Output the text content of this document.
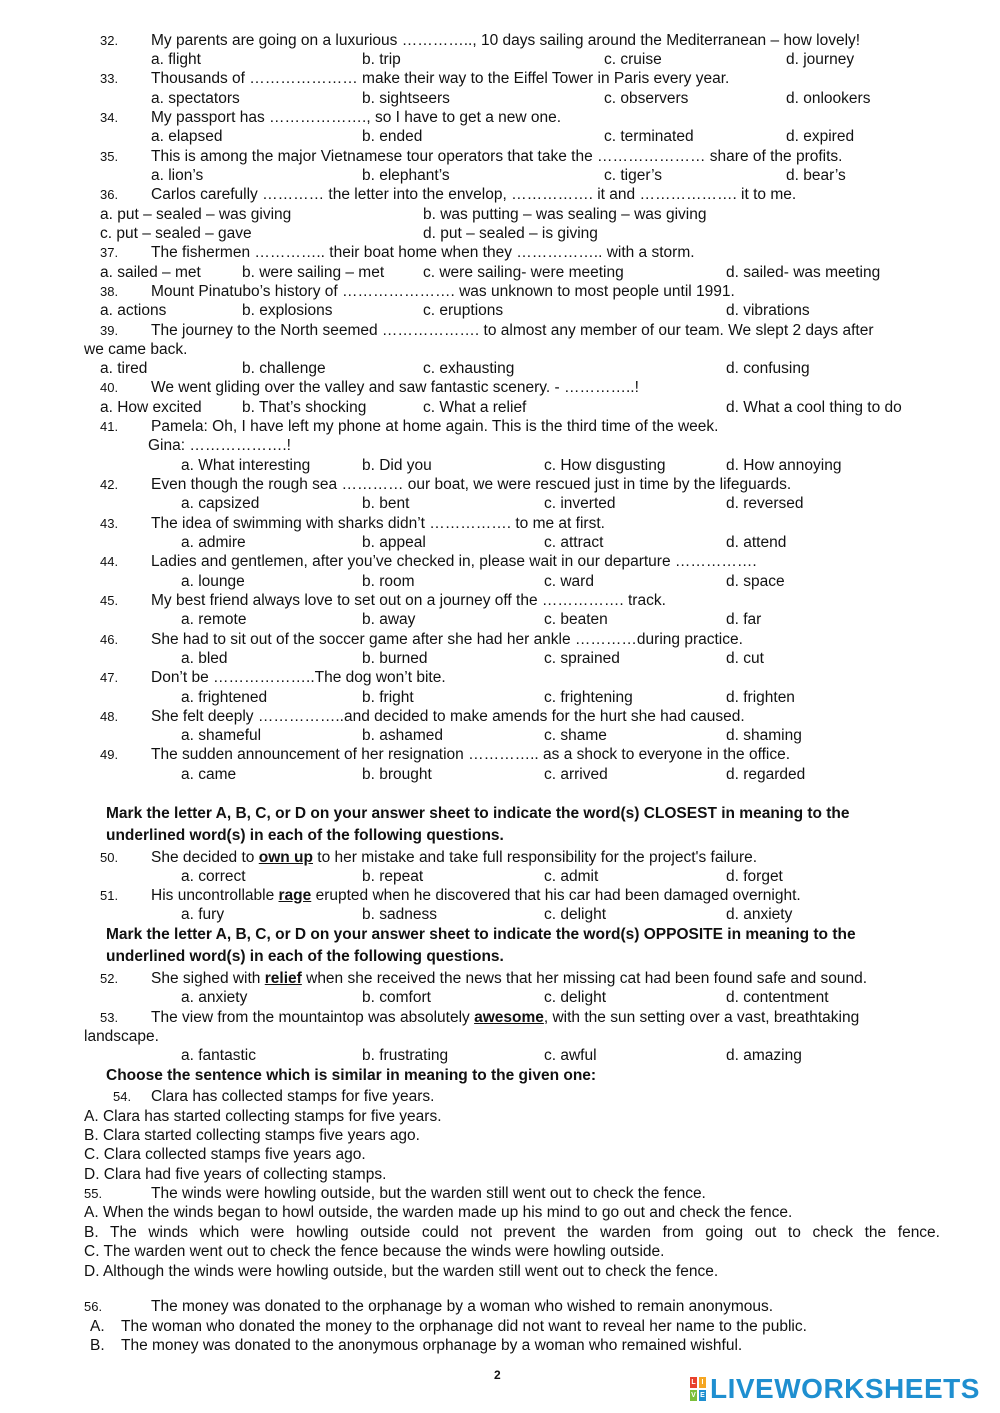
32. My parents are going on a luxurious ………….., 10 days sailing around the Mediterranean – how lovely!
a. flight	b. trip	c. cruise	d. journey
33. Thousands of ………………… make their way to the Eiffel Tower in Paris every year.
a. spectators	b. sightseers	c. observers	d. onlookers
34. My passport has ………………., so I have to get a new one.
a. elapsed	b. ended	c. terminated	d. expired
35. This is among the major Vietnamese tour operators that take the ………………… share of the profits.
a. lion’s	b. elephant’s	c. tiger’s	d. bear’s
36. Carlos carefully ………… the letter into the envelop, ……………. it and ………………. it to me.
a. put – sealed – was giving	b. was putting – was sealing – was giving
c. put – sealed – gave	d. put – sealed – is giving
37. The fishermen ………….. their boat home when they …………….. with a storm.
a. sailed – met	b. were sailing – met	c. were sailing- were meeting	d. sailed- was meeting
38. Mount Pinatubo’s history of …………………. was unknown to most people until 1991.
a. actions	b. explosions	c. eruptions	d. vibrations
39. The journey to the North seemed ………………. to almost any member of our team. We slept 2 days after
we came back.
a. tired	b. challenge	c. exhausting	d. confusing
40. We went gliding over the valley and saw fantastic scenery. - …………..!
a. How excited	b. That’s shocking	c. What a relief	d. What a cool thing to do
41. Pamela: Oh, I have left my phone at home again. This is the third time of the week.
Gina: ……………….!
a. What interesting	b. Did you	c. How disgusting	d. How annoying
42. Even though the rough sea ………… our boat, we were rescued just in time by the lifeguards.
a. capsized	b. bent	c. inverted	d. reversed
43. The idea of swimming with sharks didn’t ……………. to me at first.
a. admire	b. appeal	c. attract	d. attend
44. Ladies and gentlemen, after you’ve checked in, please wait in our departure …………….
a. lounge	b. room	c. ward	d. space
45. My best friend always love to set out on a journey off the ……………. track.
a. remote	b. away	c. beaten	d. far
46. She had to sit out of the soccer game after she had her ankle …………during practice.
a. bled	b. burned	c. sprained	d. cut
47. Don’t be ………………..The dog won’t bite.
a. frightened	b. fright	c. frightening	d. frighten
48. She felt deeply ……………..and decided to make amends for the hurt she had caused.
a. shameful	b. ashamed	c. shame	d. shaming
49. The sudden announcement of her resignation ………….. as a shock to everyone in the office.
a. came	b. brought	c. arrived	d. regarded
Mark the letter A, B, C, or D on your answer sheet to indicate the word(s) CLOSEST in meaning to the
underlined word(s) in each of the following questions.
50. She decided to own up to her mistake and take full responsibility for the project's failure.
a. correct	b. repeat	c. admit	d. forget
51. His uncontrollable rage erupted when he discovered that his car had been damaged overnight.
a. fury	b. sadness	c. delight	d. anxiety
Mark the letter A, B, C, or D on your answer sheet to indicate the word(s) OPPOSITE in meaning to the
underlined word(s) in each of the following questions.
52. She sighed with relief when she received the news that her missing cat had been found safe and sound.
a. anxiety	b. comfort	c. delight	d. contentment
53. The view from the mountaintop was absolutely awesome, with the sun setting over a vast, breathtaking
landscape.
a. fantastic	b. frustrating	c. awful	d. amazing
Choose the sentence which is similar in meaning to the given one:
54. Clara has collected stamps for five years.
A. Clara has started collecting stamps for five years.
B. Clara started collecting stamps five years ago.
C. Clara collected stamps five years ago.
D. Clara had five years of collecting stamps.
55.	The winds were howling outside, but the warden still went out to check the fence.
A. When the winds began to howl outside, the warden made up his mind to go out and check the fence.
B. The winds which were howling outside could not prevent the warden from going out to check the fence.
C. The warden went out to check the fence because the winds were howling outside.
D. Although the winds were howling outside, but the warden still went out to check the fence.
56.	The money was donated to the orphanage by a woman who wished to remain anonymous.
A. The woman who donated the money to the orphanage did not want to reveal her name to the public.
B. The money was donated to the anonymous orphanage by a woman who remained wishful.
2
L I
V E LIVEWORKSHEETS
